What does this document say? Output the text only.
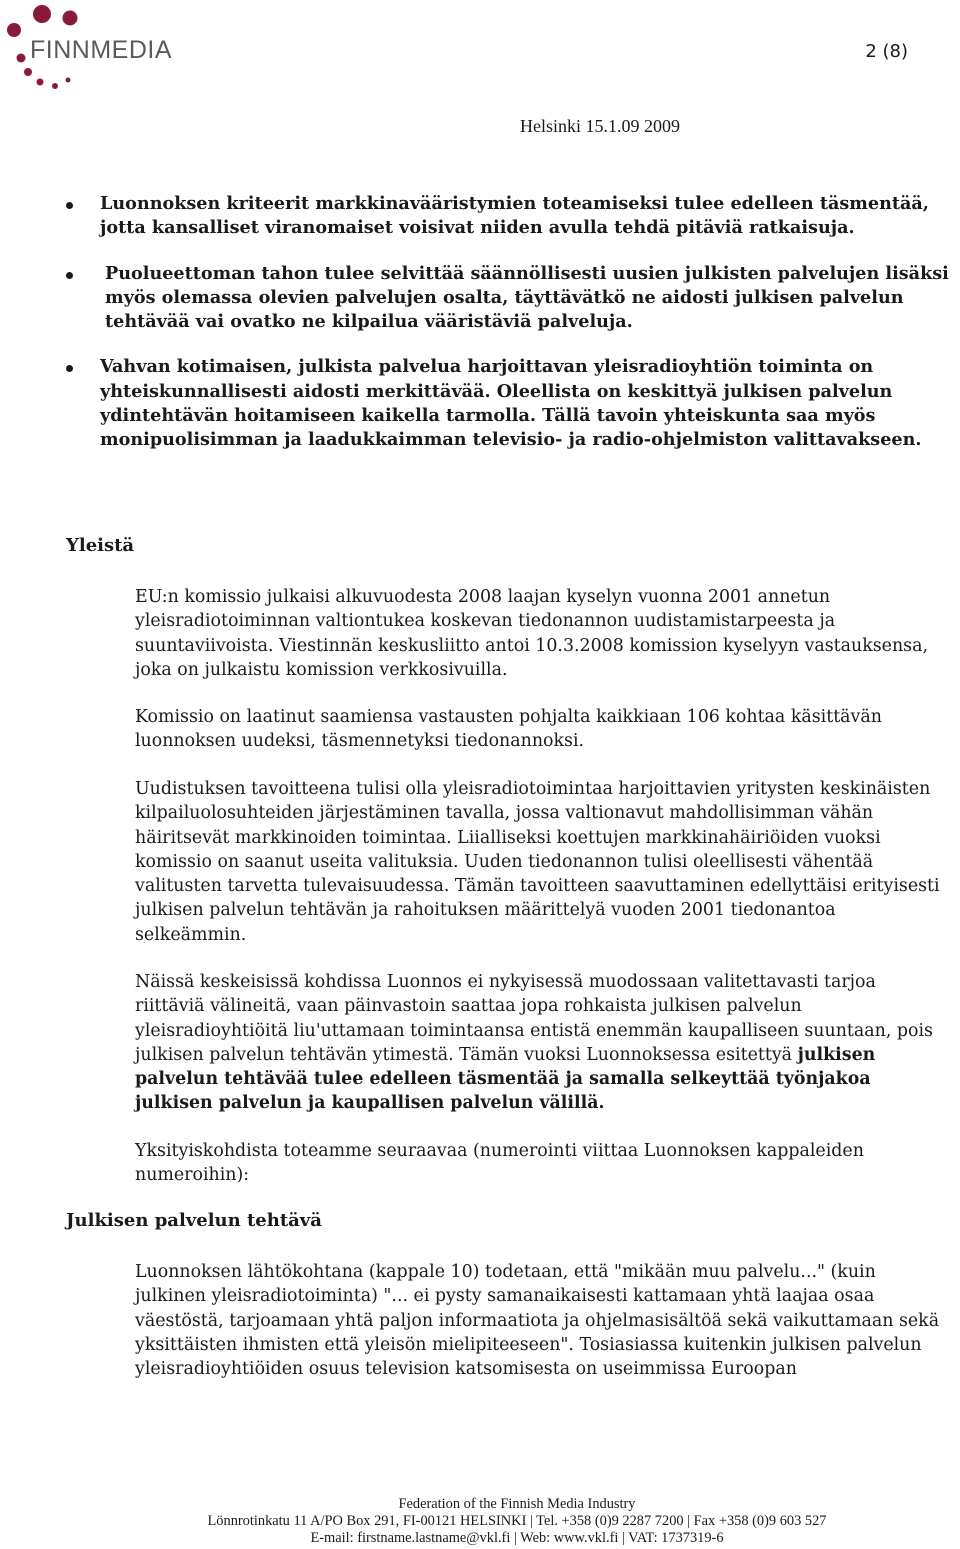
FINNMEDIA	2 (8)
Helsinki 15.1.09 2009

Luonnoksen kriteerit markkinavääristymien toteamiseksi tulee edelleen täsmentää, jotta kansalliset viranomaiset voisivat niiden avulla tehdä pitäviä ratkaisuja.

Puolueettoman tahon tulee selvittää säännöllisesti uusien julkisten palvelujen lisäksi myös olemassa olevien palvelujen osalta, täyttävätkö ne aidosti julkisen palvelun tehtävää vai ovatko ne kilpailua vääristäviä palveluja.

Vahvan kotimaisen, julkista palvelua harjoittavan yleisradioyhtiön toiminta on yhteiskunnallisesti aidosti merkittävää. Oleellista on keskittyä julkisen palvelun ydintehtävän hoitamiseen kaikella tarmolla. Tällä tavoin yhteiskunta saa myös monipuolisimman ja laadukkaimman televisio- ja radio-ohjelmiston valittavakseen.

Yleistä

EU:n komissio julkaisi alkuvuodesta 2008 laajan kyselyn vuonna 2001 annetun yleisradiotoiminnan valtiontukea koskevan tiedonannon uudistamistarpeesta ja suuntaviivoista. Viestinnän keskusliitto antoi 10.3.2008 komission kyselyyn vastauksensa, joka on julkaistu komission verkkosivuilla.

Komissio on laatinut saamiensa vastausten pohjalta kaikkiaan 106 kohtaa käsittävän luonnoksen uudeksi, täsmennetyksi tiedonannoksi.

Uudistuksen tavoitteena tulisi olla yleisradiotoimintaa harjoittavien yritysten keskinäisten kilpailuolosuhteiden järjestäminen tavalla, jossa valtionavut mahdollisimman vähän häiritsevät markkinoiden toimintaa. Liialliseksi koettujen markkinahäiriöiden vuoksi komissio on saanut useita valituksia. Uuden tiedonannon tulisi oleellisesti vähentää valitusten tarvetta tulevaisuudessa. Tämän tavoitteen saavuttaminen edellyttäisi erityisesti julkisen palvelun tehtävän ja rahoituksen määrittelyä vuoden 2001 tiedonantoa selkeämmin.

Näissä keskeisissä kohdissa Luonnos ei nykyisessä muodossaan valitettavasti tarjoa riittäviä välineitä, vaan päinvastoin saattaa jopa rohkaista julkisen palvelun yleisradioyhtiöitä liu'uttamaan toimintaansa entistä enemmän kaupalliseen suuntaan, pois julkisen palvelun tehtävän ytimestä. Tämän vuoksi Luonnoksessa esitettyä julkisen palvelun tehtävää tulee edelleen täsmentää ja samalla selkeyttää työnjakoa julkisen palvelun ja kaupallisen palvelun välillä.

Yksityiskohdista toteamme seuraavaa (numerointi viittaa Luonnoksen kappaleiden numeroihin):

Julkisen palvelun tehtävä

Luonnoksen lähtökohtana (kappale 10) todetaan, että "mikään muu palvelu..." (kuin julkinen yleisradiotoiminta) "... ei pysty samanaikaisesti kattamaan yhtä laajaa osaa väestöstä, tarjoamaan yhtä paljon informaatiota ja ohjelmasisältöä sekä vaikuttamaan sekä yksittäisten ihmisten että yleisön mielipiteeseen". Tosiasiassa kuitenkin julkisen palvelun yleisradioyhtiöiden osuus television katsomisesta on useimmissa Euroopan

Federation of the Finnish Media Industry
Lönnrotinkatu 11 A/PO Box 291, FI-00121 HELSINKI | Tel. +358 (0)9 2287 7200 | Fax +358 (0)9 603 527
E-mail: firstname.lastname@vkl.fi | Web: www.vkl.fi | VAT: 1737319-6
